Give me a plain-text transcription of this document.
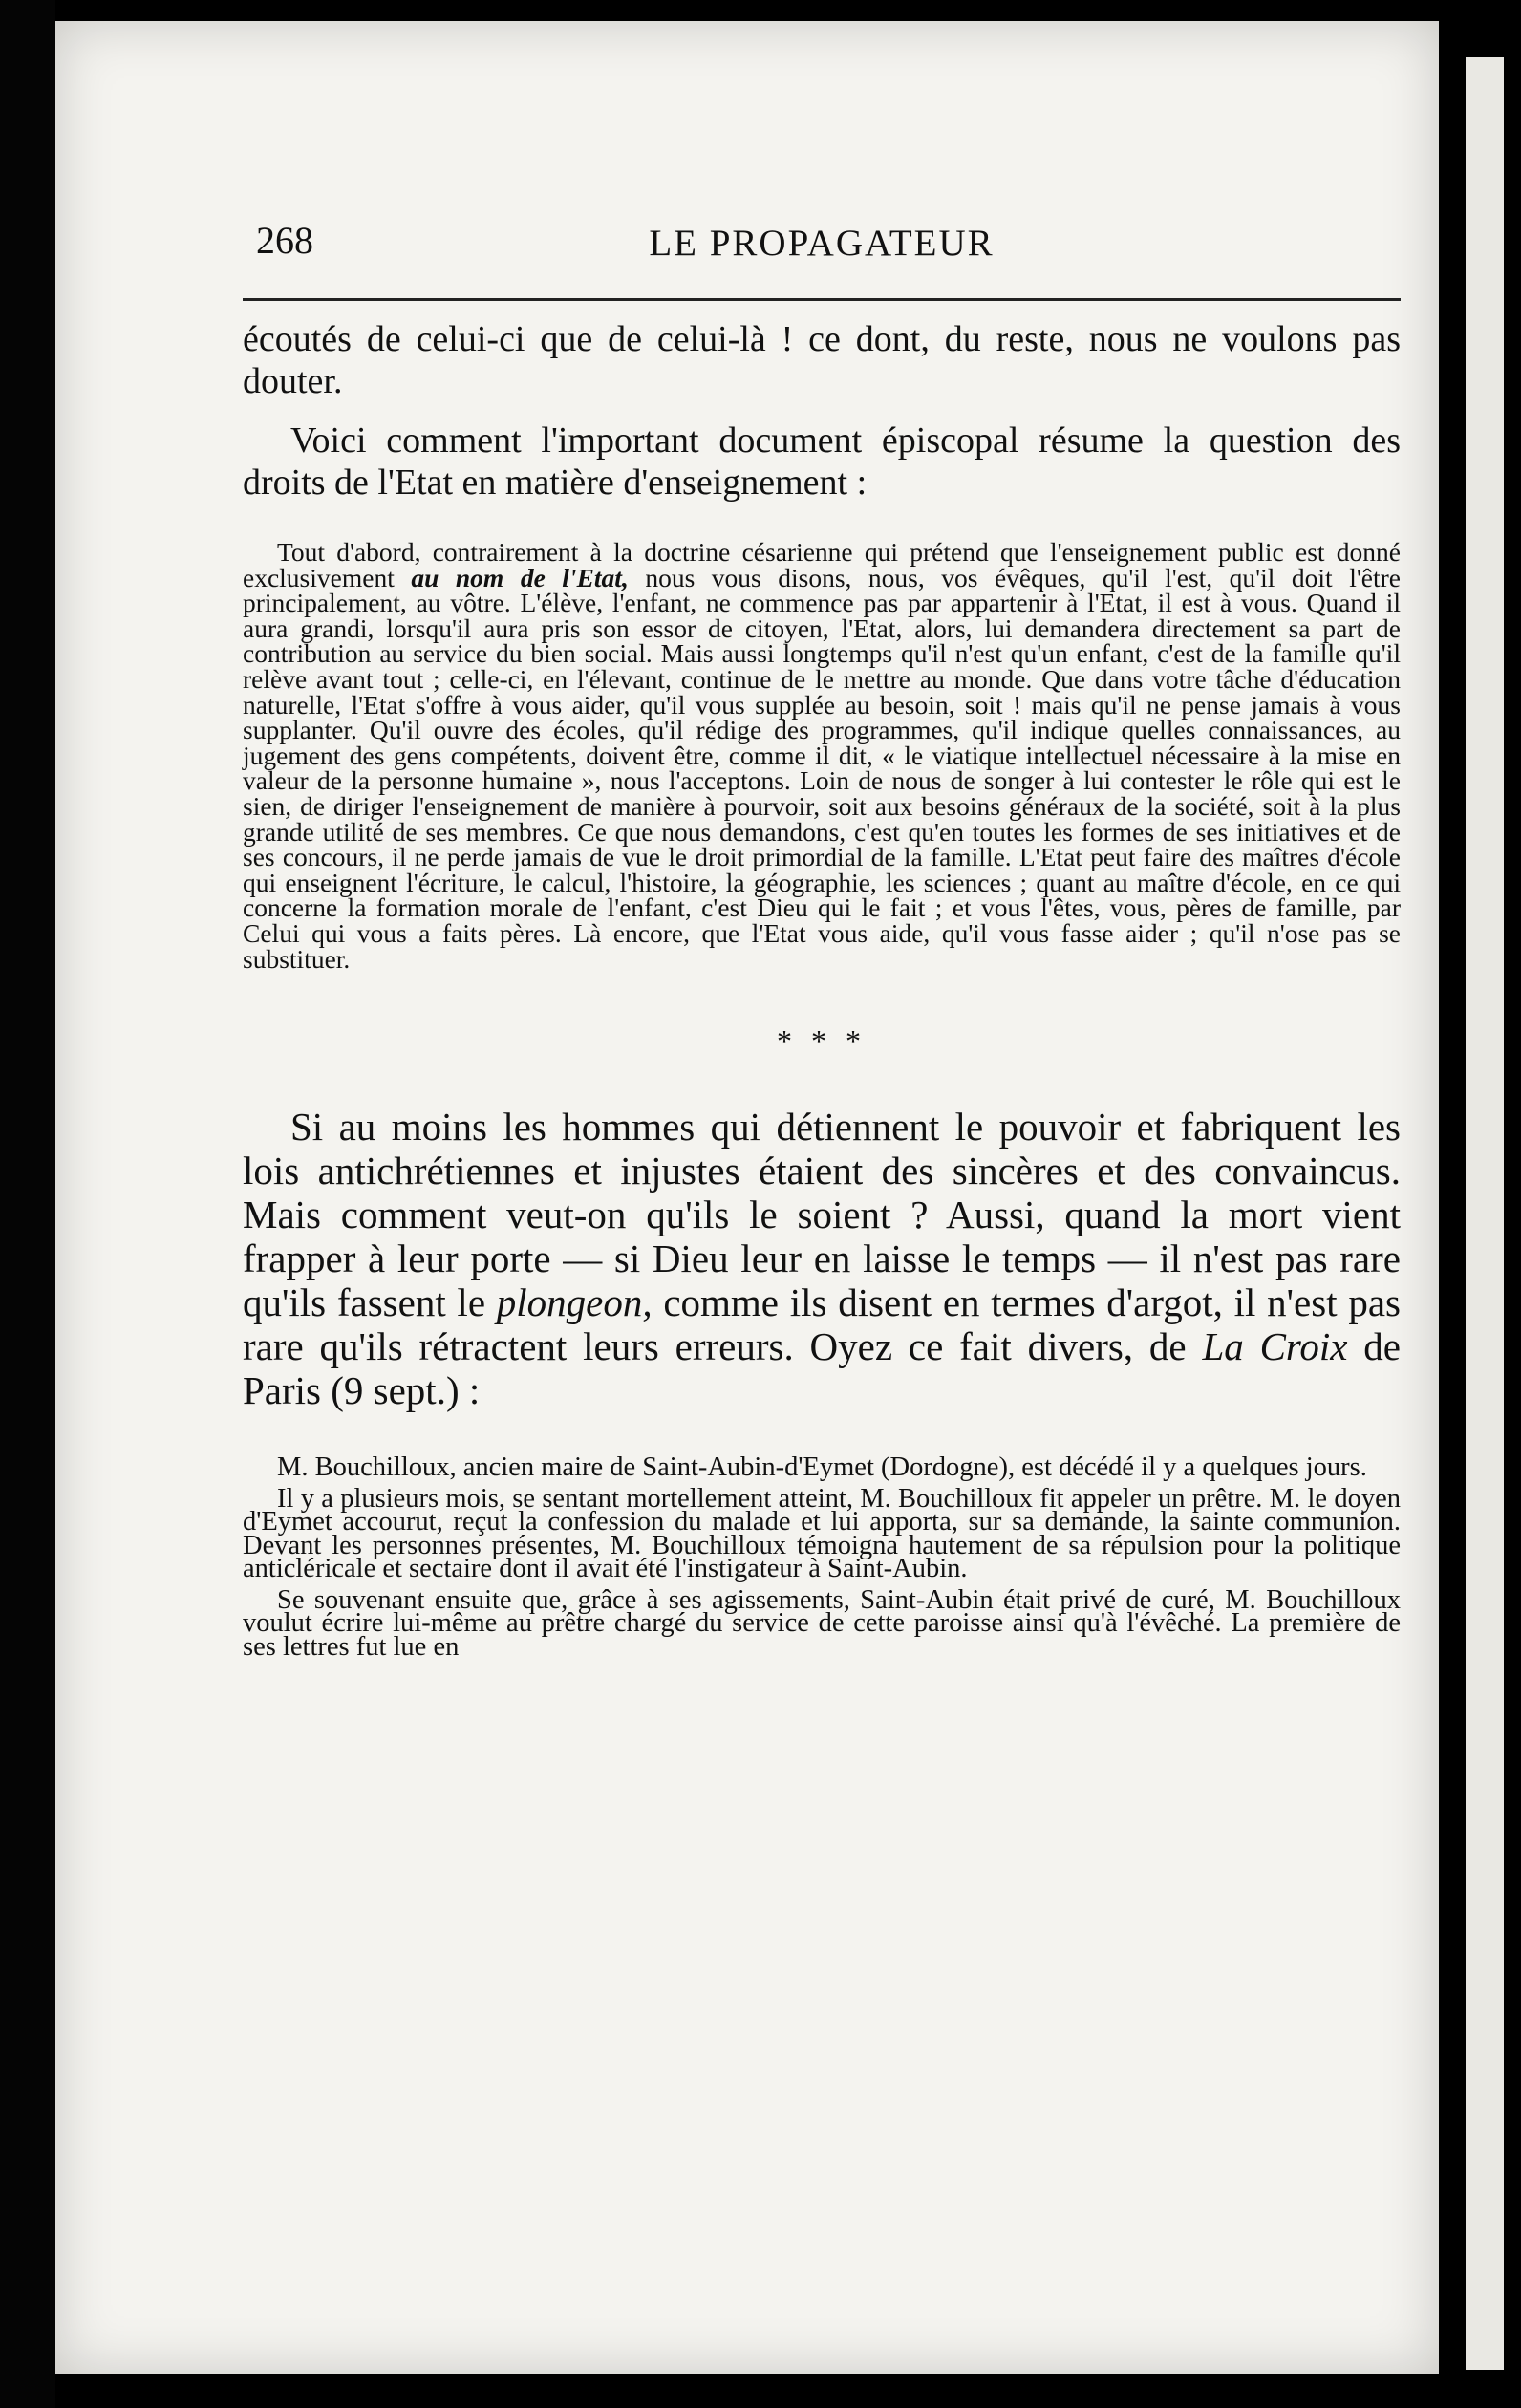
268	LE PROPAGATEUR

écoutés de celui-ci que de celui-là ! ce dont, du reste, nous ne voulons pas douter.

Voici comment l'important document épiscopal résume la question des droits de l'Etat en matière d'enseignement :

Tout d'abord, contrairement à la doctrine césarienne qui prétend que l'enseignement public est donné exclusivement au nom de l'Etat, nous vous disons, nous, vos évêques, qu'il l'est, qu'il doit l'être principalement, au vôtre. L'élève, l'enfant, ne commence pas par appartenir à l'Etat, il est à vous. Quand il aura grandi, lorsqu'il aura pris son essor de citoyen, l'Etat, alors, lui demandera directement sa part de contribution au service du bien social. Mais aussi longtemps qu'il n'est qu'un enfant, c'est de la famille qu'il relève avant tout ; celle-ci, en l'élevant, continue de le mettre au monde. Que dans votre tâche d'éducation naturelle, l'Etat s'offre à vous aider, qu'il vous supplée au besoin, soit ! mais qu'il ne pense jamais à vous supplanter. Qu'il ouvre des écoles, qu'il rédige des programmes, qu'il indique quelles connaissances, au jugement des gens compétents, doivent être, comme il dit, « le viatique intellectuel nécessaire à la mise en valeur de la personne humaine », nous l'acceptons. Loin de nous de songer à lui contester le rôle qui est le sien, de diriger l'enseignement de manière à pourvoir, soit aux besoins généraux de la société, soit à la plus grande utilité de ses membres. Ce que nous demandons, c'est qu'en toutes les formes de ses initiatives et de ses concours, il ne perde jamais de vue le droit primordial de la famille. L'Etat peut faire des maîtres d'école qui enseignent l'écriture, le calcul, l'histoire, la géographie, les sciences ; quant au maître d'école, en ce qui concerne la formation morale de l'enfant, c'est Dieu qui le fait ; et vous l'êtes, vous, pères de famille, par Celui qui vous a faits pères. Là encore, que l'Etat vous aide, qu'il vous fasse aider ; qu'il n'ose pas se substituer.

* * *

Si au moins les hommes qui détiennent le pouvoir et fabriquent les lois antichrétiennes et injustes étaient des sincères et des convaincus. Mais comment veut-on qu'ils le soient ? Aussi, quand la mort vient frapper à leur porte — si Dieu leur en laisse le temps — il n'est pas rare qu'ils fassent le plongeon, comme ils disent en termes d'argot, il n'est pas rare qu'ils rétractent leurs erreurs. Oyez ce fait divers, de La Croix de Paris (9 sept.) :

M. Bouchilloux, ancien maire de Saint-Aubin-d'Eymet (Dordogne), est décédé il y a quelques jours.

Il y a plusieurs mois, se sentant mortellement atteint, M. Bouchilloux fit appeler un prêtre. M. le doyen d'Eymet accourut, reçut la confession du malade et lui apporta, sur sa demande, la sainte communion. Devant les personnes présentes, M. Bouchilloux témoigna hautement de sa répulsion pour la politique anticléricale et sectaire dont il avait été l'instigateur à Saint-Aubin.

Se souvenant ensuite que, grâce à ses agissements, Saint-Aubin était privé de curé, M. Bouchilloux voulut écrire lui-même au prêtre chargé du service de cette paroisse ainsi qu'à l'évêché. La première de ses lettres fut lue en
